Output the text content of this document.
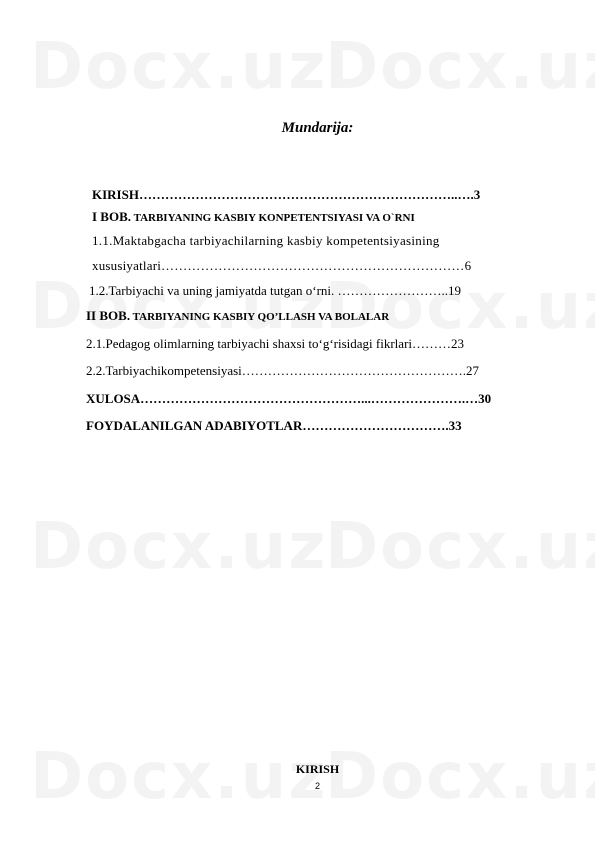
Mundarija:
KIRISH………………………………………………………………..….3
I BOB. TARBIYANING KASBIY KONPETENTSIYASI VA O`RNI
1.1.Maktabgacha tarbiyachilarning kasbiy kompetentsiyasining
xususiyatlari……………………………………………………………6
1.2.Tarbiyachi va uning jamiyatda tutgan o‘rni. ……………………..19
II BOB. TARBIYANING KASBIY QO’LLASH VA BOLALAR
2.1.Pedagog olimlarning tarbiyachi shaxsi to‘g‘risidagi fikrlari………23
2.2.Tarbiyachikompetensiyasi…………………………………………….27
XULOSA……………………………………………...………………….…30
FOYDALANILGAN ADABIYOTLAR…………………………….33
KIRISH
2
